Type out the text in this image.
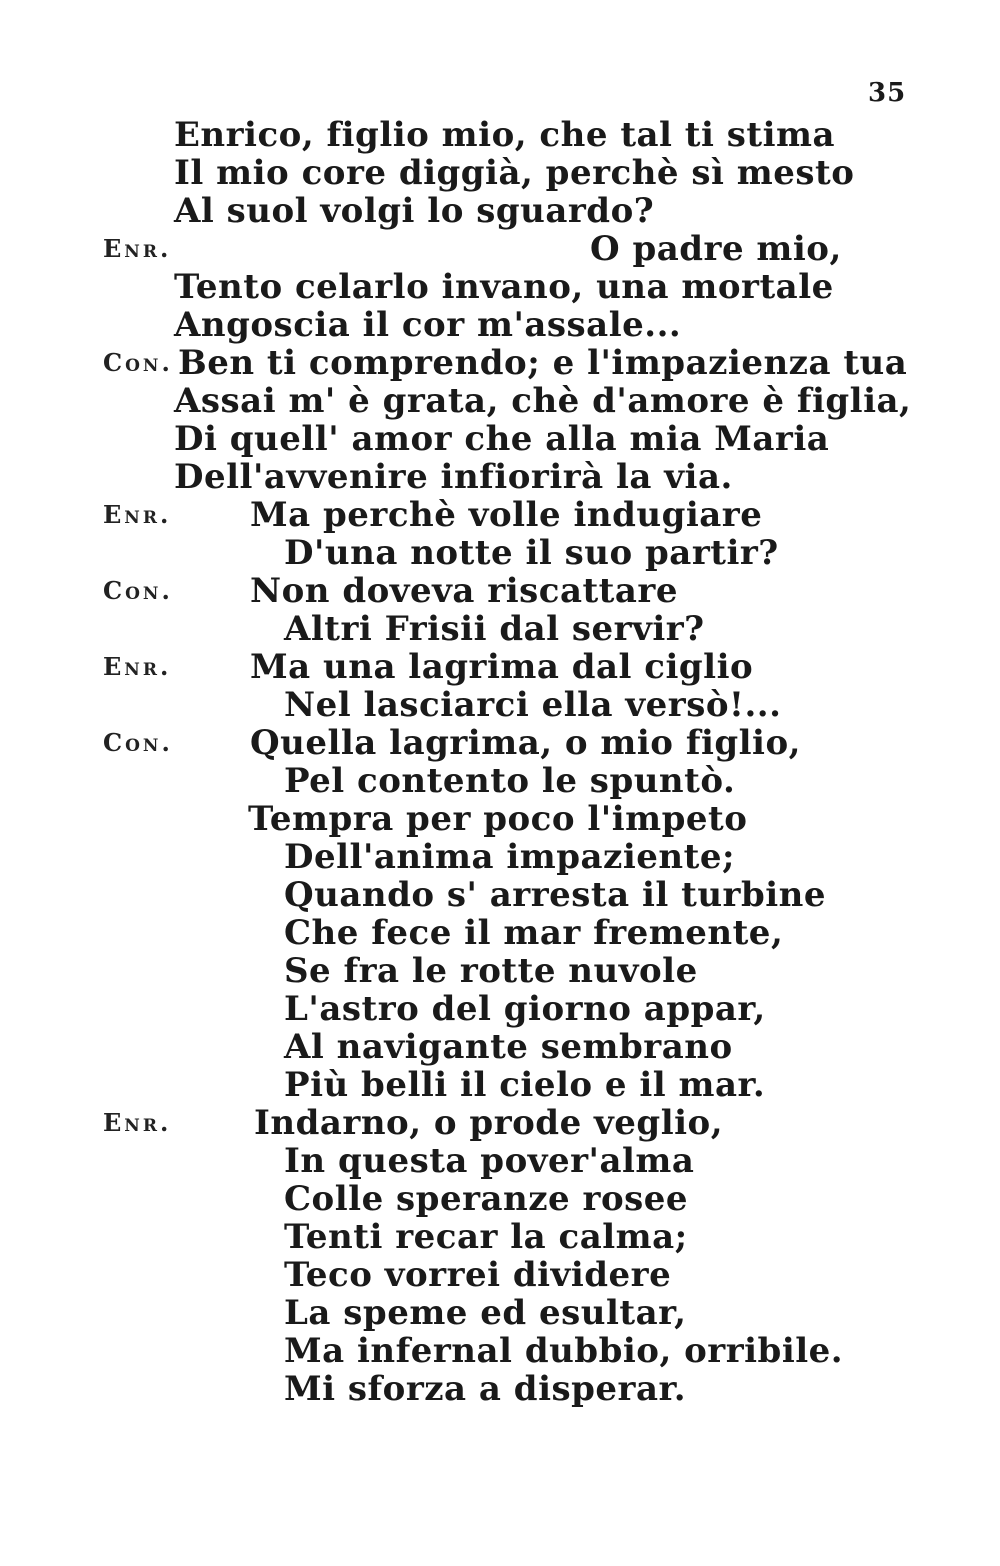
35
Enrico, figlio mio, che tal ti stima
Il mio core diggià, perchè sì mesto
Al suol volgi lo sguardo?
Enr.	O padre mio,
Tento celarlo invano, una mortale
Angoscia il cor m'assale...
Con. Ben ti comprendo; e l'impazienza tua
Assai m' è grata, chè d'amore è figlia,
Di quell' amor che alla mia Maria
Dell'avvenire infiorirà la via.
Enr. Ma perchè volle indugiare
D'una notte il suo partir?
Con. Non doveva riscattare
Altri Frisii dal servir?
Enr. Ma una lagrima dal ciglio
Nel lasciarci ella versò!...
Con. Quella lagrima, o mio figlio,
Pel contento le spuntò.
Tempra per poco l'impeto
Dell'anima impaziente;
Quando s' arresta il turbine
Che fece il mar fremente,
Se fra le rotte nuvole
L'astro del giorno appar,
Al navigante sembrano
Più belli il cielo e il mar.
Enr. Indarno, o prode veglio,
In questa pover'alma
Colle speranze rosee
Tenti recar la calma;
Teco vorrei dividere
La speme ed esultar,
Ma infernal dubbio, orribile.
Mi sforza a disperar.
